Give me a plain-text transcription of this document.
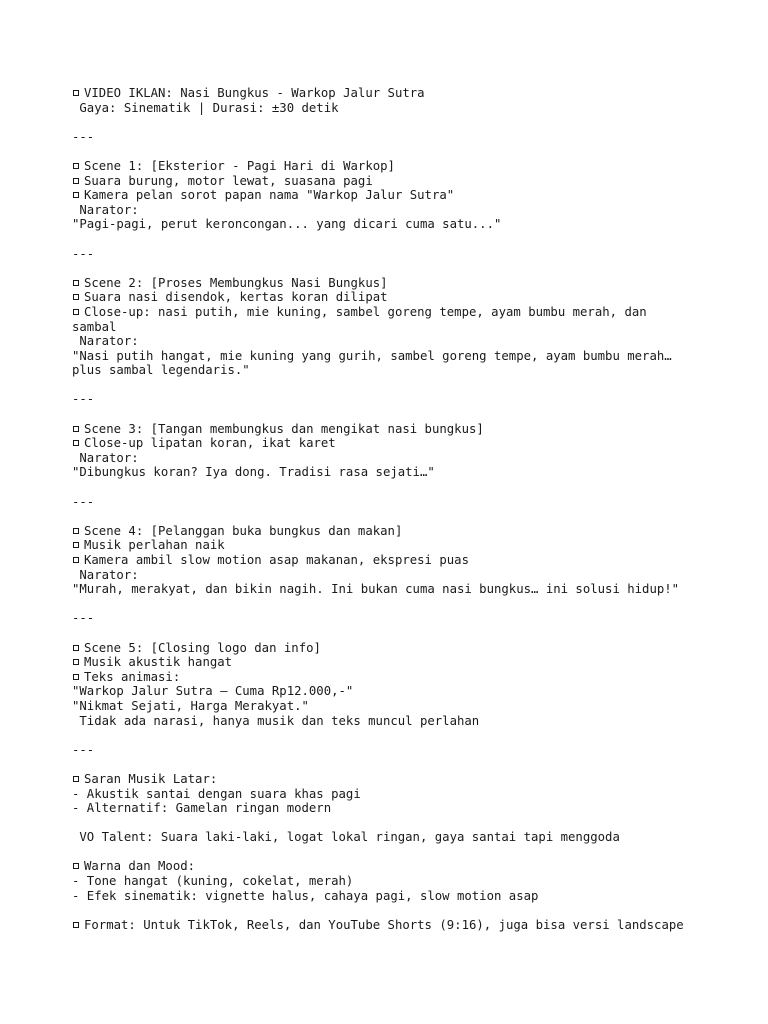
VIDEO IKLAN: Nasi Bungkus - Warkop Jalur Sutra
Gaya: Sinematik | Durasi: ±30 detik
---
Scene 1: [Eksterior - Pagi Hari di Warkop]
Suara burung, motor lewat, suasana pagi
Kamera pelan sorot papan nama "Warkop Jalur Sutra"
Narator:
"Pagi-pagi, perut keroncongan... yang dicari cuma satu..."
---
Scene 2: [Proses Membungkus Nasi Bungkus]
Suara nasi disendok, kertas koran dilipat
Close-up: nasi putih, mie kuning, sambel goreng tempe, ayam bumbu merah, dan
sambal
Narator:
"Nasi putih hangat, mie kuning yang gurih, sambel goreng tempe, ayam bumbu merah…
plus sambal legendaris."
---
Scene 3: [Tangan membungkus dan mengikat nasi bungkus]
Close-up lipatan koran, ikat karet
Narator:
"Dibungkus koran? Iya dong. Tradisi rasa sejati…"
---
Scene 4: [Pelanggan buka bungkus dan makan]
Musik perlahan naik
Kamera ambil slow motion asap makanan, ekspresi puas
Narator:
"Murah, merakyat, dan bikin nagih. Ini bukan cuma nasi bungkus… ini solusi hidup!"
---
Scene 5: [Closing logo dan info]
Musik akustik hangat
Teks animasi:
"Warkop Jalur Sutra – Cuma Rp12.000,-"
"Nikmat Sejati, Harga Merakyat."
Tidak ada narasi, hanya musik dan teks muncul perlahan
---
Saran Musik Latar:
- Akustik santai dengan suara khas pagi
- Alternatif: Gamelan ringan modern
VO Talent: Suara laki-laki, logat lokal ringan, gaya santai tapi menggoda
Warna dan Mood:
- Tone hangat (kuning, cokelat, merah)
- Efek sinematik: vignette halus, cahaya pagi, slow motion asap
Format: Untuk TikTok, Reels, dan YouTube Shorts (9:16), juga bisa versi landscape
